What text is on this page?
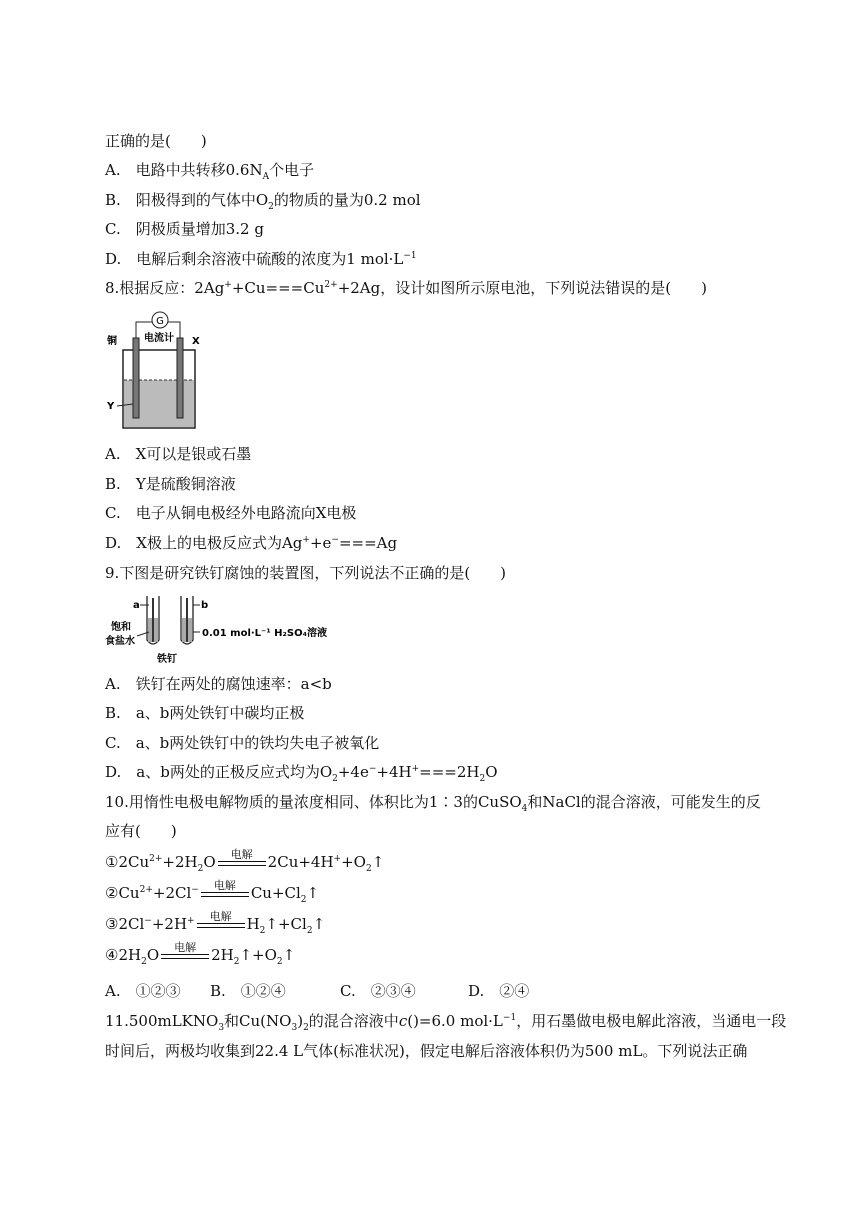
正确的是(　　)
A.　 电路中共转移$0.6N_A$个电子
B.　 阳极得到的气体中$O_2$的物质的量为0.2 mol
C.　 阴极质量增加3.2 g
D.　 电解后剩余溶液中硫酸的浓度为1 $mol\cdot L^{-1}$
8.根据反应：$2Ag^++Cu===Cu^{2+}+2Ag$，设计如图所示原电池，下列说法错误的是(　　)
G
电流计
铜	X
Y
A.　 X可以是银或石墨
B.　 Y是硫酸铜溶液
C.　 电子从铜电极经外电路流向X电极
D.　 X极上的电极反应式为Ag++e−===Ag
9.下图是研究铁钉腐蚀的装置图，下列说法不正确的是(　　)
a	b
饱和
食盐水
铁钉
0.01 mol·L⁻¹ H₂SO₄溶液
A.　 铁钉在两处的腐蚀速率：a<b
B.　 a、b两处铁钉中碳均正极
C.　 a、b两处铁钉中的铁均失电子被氧化
D.　 a、b两处的正极反应式均为$O_2+4e^-+4H^+===2H_2O$
10.用惰性电极电解物质的量浓度相同、体积比为1∶3的CuSO$_4$和NaCl的混合溶液，可能发生的反
应有(　　)
$①2Cu^{2+}+2H_2O$	电解	$2Cu+4H^++O_2↑$
$②Cu^{2+}+2Cl^-$	电解	$Cu+Cl_2↑$
③2Cl−+2H+	电解	$H_2↑+Cl_2↑$
$④2H_2O$	电解	$2H_2↑+O_2↑$
A.　①②③ B.　①②④	C.　②③④	D.　②④
11.500mLKNO$_3$和$Cu(NO_3)_2$的混合溶液中c()=6.0 $mol\cdot L^{-1}$，用石墨做电极电解此溶液，当通电一段
时间后，两极均收集到22.4 L气体(标准状况)，假定电解后溶液体积仍为500 mL。下列说法正确
